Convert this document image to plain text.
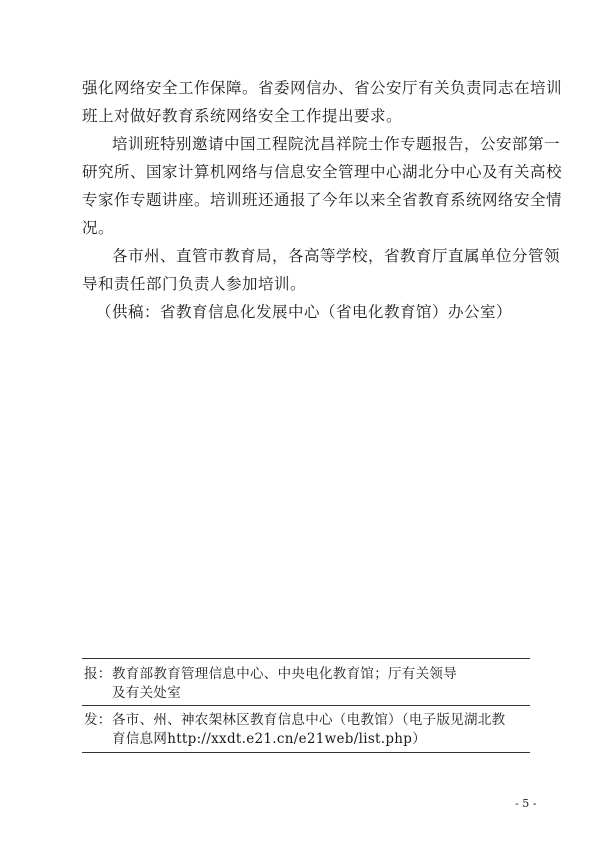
强化网络安全工作保障。省委网信办、省公安厅有关负责同志在培训
班上对做好教育系统网络安全工作提出要求。
培训班特别邀请中国工程院沈昌祥院士作专题报告，公安部第一
研究所、国家计算机网络与信息安全管理中心湖北分中心及有关高校
专家作专题讲座。培训班还通报了今年以来全省教育系统网络安全情
况。
各市州、直管市教育局，各高等学校，省教育厅直属单位分管领
导和责任部门负责人参加培训。
（供稿：省教育信息化发展中心（省电化教育馆）办公室）
报： 教育部教育管理信息中心、中央电化教育馆；厅有关领导
及有关处室
发： 各市、州、神农架林区教育信息中心（电教馆）（电子版见湖北教
育信息网http://xxdt.e21.cn/e21web/list.php）
- 5 -
